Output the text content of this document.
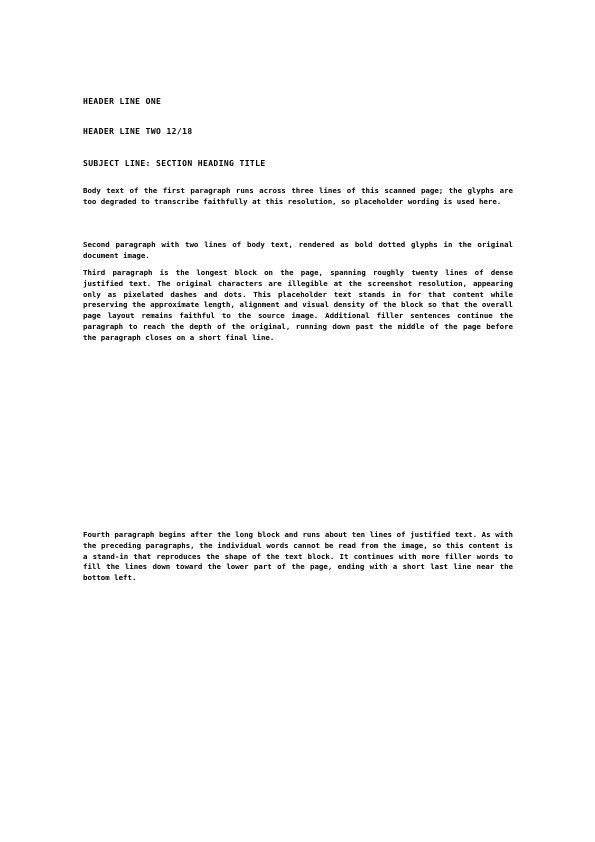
HEADER LINE ONE
HEADER LINE TWO 12/18
SUBJECT LINE: SECTION HEADING TITLE

Body text of the first paragraph runs across three lines of this scanned page; the glyphs are too degraded to transcribe faithfully at this resolution, so placeholder wording is used here.

Second paragraph with two lines of body text, rendered as bold dotted glyphs in the original document image.

Third paragraph is the longest block on the page, spanning roughly twenty lines of dense justified text. The original characters are illegible at the screenshot resolution, appearing only as pixelated dashes and dots. This placeholder text stands in for that content while preserving the approximate length, alignment and visual density of the block so that the overall page layout remains faithful to the source image. Additional filler sentences continue the paragraph to reach the depth of the original, running down past the middle of the page before the paragraph closes on a short final line.

Fourth paragraph begins after the long block and runs about ten lines of justified text. As with the preceding paragraphs, the individual words cannot be read from the image, so this content is a stand-in that reproduces the shape of the text block. It continues with more filler words to fill the lines down toward the lower part of the page, ending with a short last line near the bottom left.
